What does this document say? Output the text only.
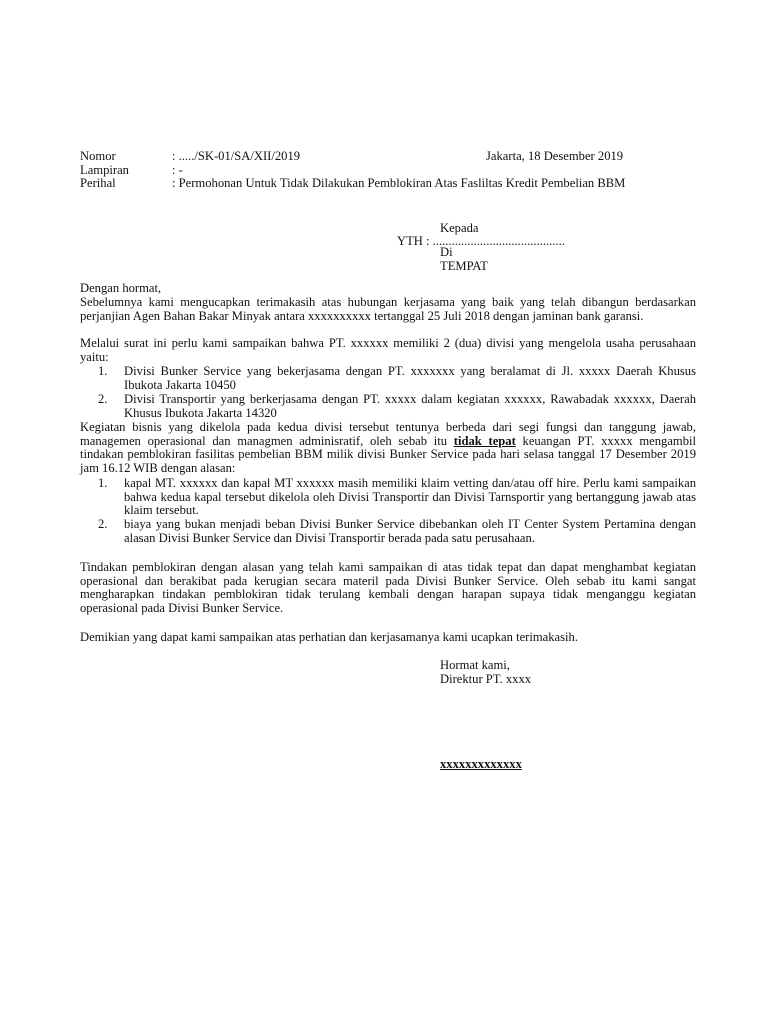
Nomor	: ...../SK-01/SA/XII/2019	Jakarta, 18 Desember 2019
Lampiran	: -
Perihal	: Permohonan Untuk Tidak Dilakukan Pemblokiran Atas Fasliltas Kredit Pembelian BBM
Kepada
YTH : ..........................................
Di
TEMPAT
Dengan hormat,
Sebelumnya kami mengucapkan terimakasih atas hubungan kerjasama yang baik yang telah dibangun berdasarkan perjanjian Agen Bahan Bakar Minyak antara xxxxxxxxxx tertanggal 25 Juli 2018 dengan jaminan bank garansi.
Melalui surat ini perlu kami sampaikan bahwa PT. xxxxxx memiliki 2 (dua) divisi yang mengelola usaha perusahaan yaitu:
1. Divisi Bunker Service yang bekerjasama dengan PT. xxxxxxx yang beralamat di Jl. xxxxx Daerah Khusus Ibukota Jakarta 10450
2. Divisi Transportir yang berkerjasama dengan PT. xxxxx dalam kegiatan xxxxxx, Rawabadak xxxxxx, Daerah Khusus Ibukota Jakarta 14320
Kegiatan bisnis yang dikelola pada kedua divisi tersebut tentunya berbeda dari segi fungsi dan tanggung jawab, managemen operasional dan managmen adminisratif, oleh sebab itu tidak tepat keuangan PT. xxxxx mengambil tindakan pemblokiran fasilitas pembelian BBM milik divisi Bunker Service pada hari selasa tanggal 17 Desember 2019 jam 16.12 WIB dengan alasan:
1. kapal MT. xxxxxx dan kapal MT xxxxxx masih memiliki klaim vetting dan/atau off hire. Perlu kami sampaikan bahwa kedua kapal tersebut dikelola oleh Divisi Transportir dan Divisi Tarnsportir yang bertanggung jawab atas klaim tersebut.
2. biaya yang bukan menjadi beban Divisi Bunker Service dibebankan oleh IT Center System Pertamina dengan alasan Divisi Bunker Service dan Divisi Transportir berada pada satu perusahaan.
Tindakan pemblokiran dengan alasan yang telah kami sampaikan di atas tidak tepat dan dapat menghambat kegiatan operasional dan berakibat pada kerugian secara materil pada Divisi Bunker Service. Oleh sebab itu kami sangat mengharapkan tindakan pemblokiran tidak terulang kembali dengan harapan supaya tidak menganggu kegiatan operasional pada Divisi Bunker Service.
Demikian yang dapat kami sampaikan atas perhatian dan kerjasamanya kami ucapkan terimakasih.
Hormat kami,
Direktur PT. xxxx
xxxxxxxxxxxxx
